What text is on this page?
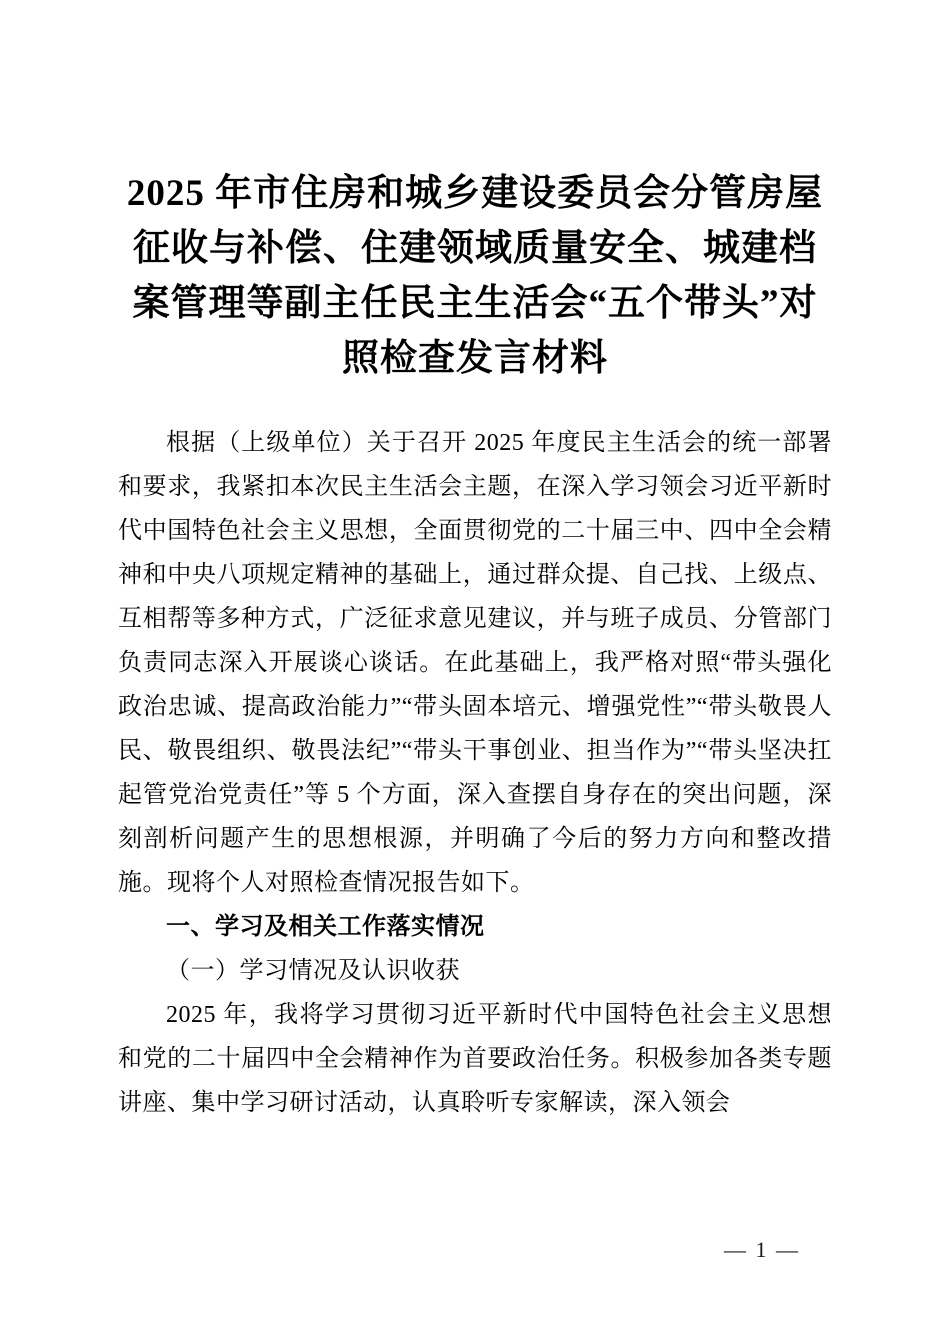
2025 年市住房和城乡建设委员会分管房屋征收与补偿、住建领域质量安全、城建档案管理等副主任民主生活会“五个带头”对照检查发言材料

根据（上级单位）关于召开 2025 年度民主生活会的统一部署和要求，我紧扣本次民主生活会主题，在深入学习领会习近平新时代中国特色社会主义思想，全面贯彻党的二十届三中、四中全会精神和中央八项规定精神的基础上，通过群众提、自己找、上级点、互相帮等多种方式，广泛征求意见建议，并与班子成员、分管部门负责同志深入开展谈心谈话。在此基础上，我严格对照“带头强化政治忠诚、提高政治能力”“带头固本培元、增强党性”“带头敬畏人民、敬畏组织、敬畏法纪”“带头干事创业、担当作为”“带头坚决扛起管党治党责任”等 5 个方面，深入查摆自身存在的突出问题，深刻剖析问题产生的思想根源，并明确了今后的努力方向和整改措施。现将个人对照检查情况报告如下。

一、学习及相关工作落实情况

（一）学习情况及认识收获

2025 年，我将学习贯彻习近平新时代中国特色社会主义思想和党的二十届四中全会精神作为首要政治任务。积极参加各类专题讲座、集中学习研讨活动，认真聆听专家解读，深入领会

— 1 —
